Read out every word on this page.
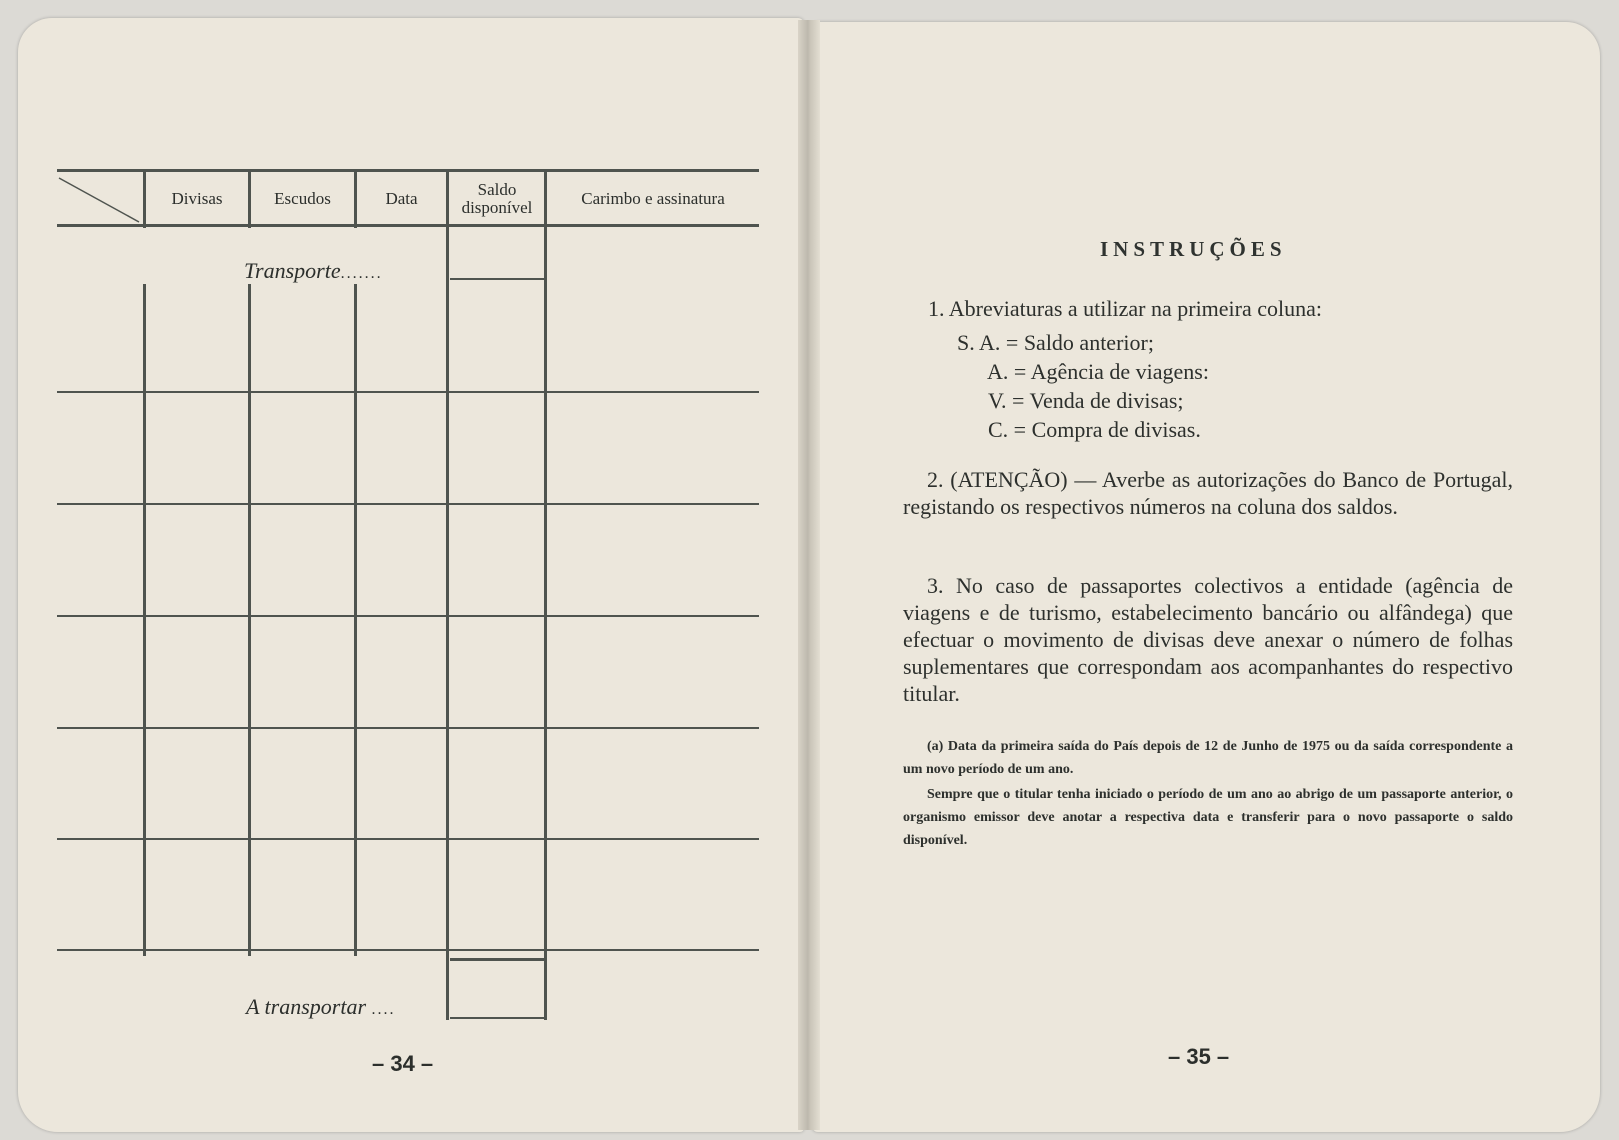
Divisas	Escudos	Data	Saldo disponível	Carimbo e assinatura
Transporte.......
A transportar ....
– 34 –
INSTRUÇÕES
1. Abreviaturas a utilizar na primeira coluna:
S. A. = Saldo anterior;
A. = Agência de viagens:
V. = Venda de divisas;
C. = Compra de divisas.
2. (ATENÇÃO) — Averbe as autorizações do Banco de Portugal, registando os respectivos números na coluna dos saldos.
3. No caso de passaportes colectivos a entidade (agência de viagens e de turismo, estabelecimento bancário ou alfândega) que efectuar o movimento de divisas deve anexar o número de folhas suplementares que correspondam aos acompanhantes do respectivo titular.
(a) Data da primeira saída do País depois de 12 de Junho de 1975 ou da saída correspondente a um novo período de um ano.
Sempre que o titular tenha iniciado o período de um ano ao abrigo de um passaporte anterior, o organismo emissor deve anotar a respectiva data e transferir para o novo passaporte o saldo disponível.
– 35 –
